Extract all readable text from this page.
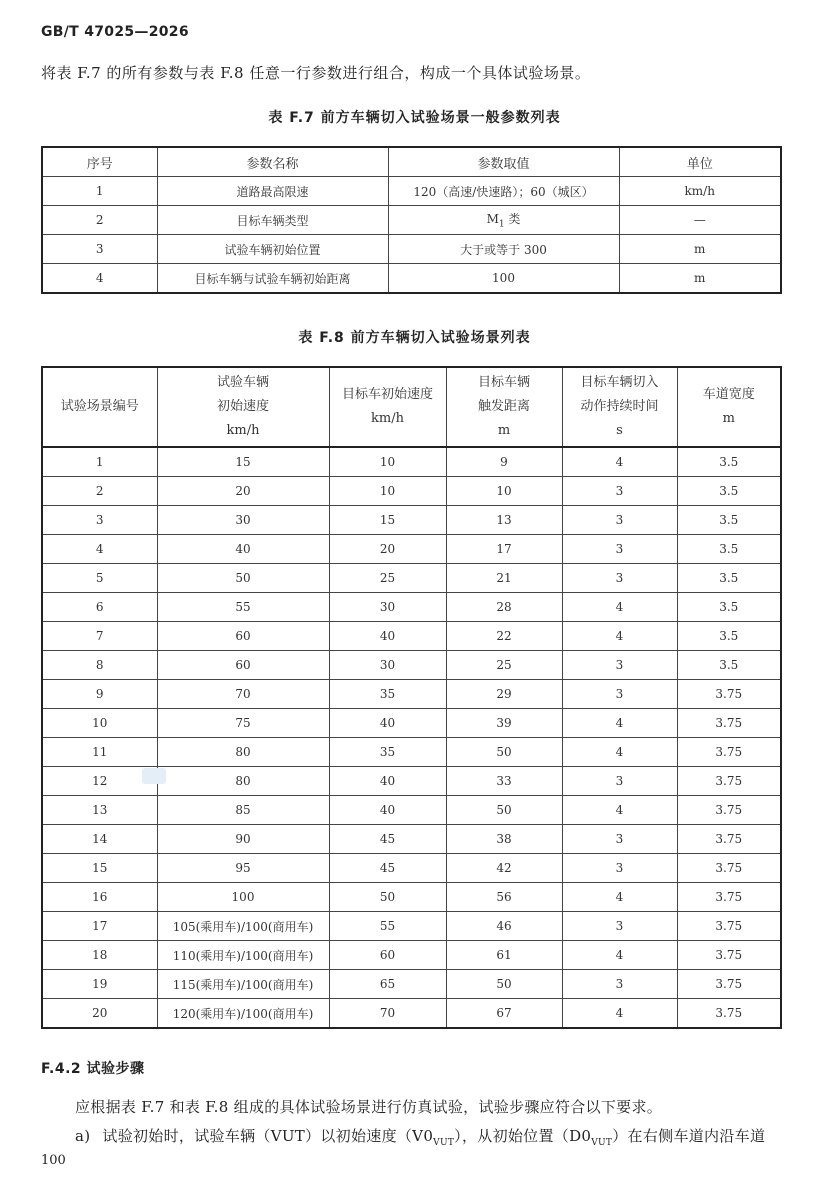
GB/T 47025—2026
将表 F.7 的所有参数与表 F.8 任意一行参数进行组合，构成一个具体试验场景。
表 F.7 前方车辆切入试验场景一般参数列表
序号	参数名称	参数取值	单位
1	道路最高限速	120（高速/快速路）；60（城区）	km/h
2	目标车辆类型	$M_1$ 类	—
3	试验车辆初始位置	大于或等于 300	m
4	目标车辆与试验车辆初始距离	100	m
表 F.8 前方车辆切入试验场景列表
试验场景编号	试验车辆
初始速度
km/h	目标车初始速度
km/h	目标车辆
触发距离
m	目标车辆切入
动作持续时间
s	车道宽度
m
1	15	10	9	4	3.5
2	20	10	10	3	3.5
3	30	15	13	3	3.5
4	40	20	17	3	3.5
5	50	25	21	3	3.5
6	55	30	28	4	3.5
7	60	40	22	4	3.5
8	60	30	25	3	3.5
9	70	35	29	3	3.75
10	75	40	39	4	3.75
11	80	35	50	4	3.75
12	80	40	33	3	3.75
13	85	40	50	4	3.75
14	90	45	38	3	3.75
15	95	45	42	3	3.75
16	100	50	56	4	3.75
17	105(乘用车)/100(商用车)	55	46	3	3.75
18	110(乘用车)/100(商用车)	60	61	4	3.75
19	115(乘用车)/100(商用车)	65	50	3	3.75
20	120(乘用车)/100(商用车)	70	67	4	3.75
F.4.2 试验步骤
应根据表 F.7 和表 F.8 组成的具体试验场景进行仿真试验，试验步骤应符合以下要求。
a) 试验初始时，试验车辆（VUT）以初始速度$(V0_{VUT})$，从初始位置$(D0_{VUT})$在右侧车道内沿车道
100
